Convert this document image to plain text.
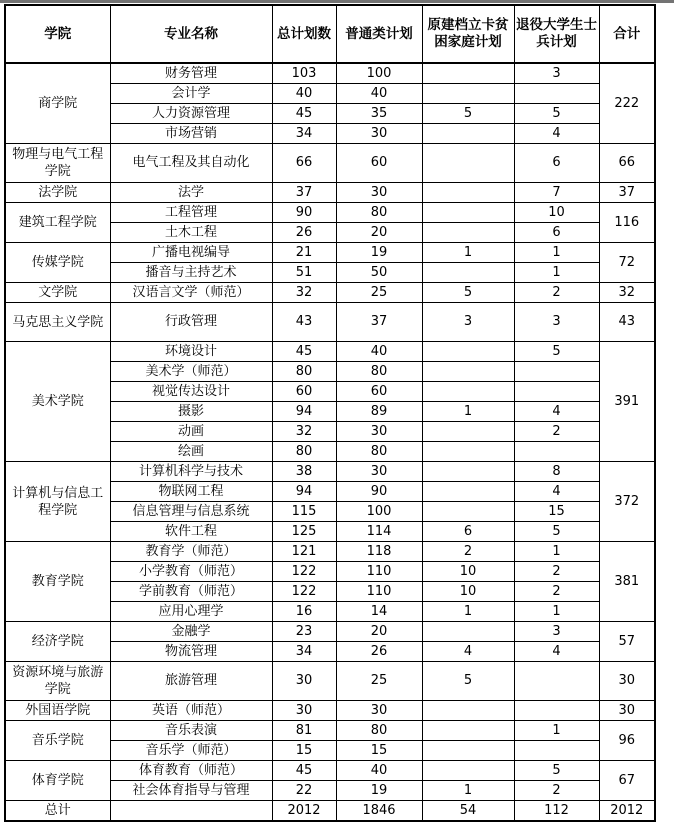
学院	专业名称	总计划数	普通类计划	原建档立卡贫困家庭计划	退役大学生士兵计划	合计
商学院	财务管理	103	100		3	222
	会计学	40	40			
	人力资源管理	45	35	5	5	
	市场营销	34	30		4	
物理与电气工程学院	电气工程及其自动化	66	60		6	66
法学院	法学	37	30		7	37
建筑工程学院	工程管理	90	80		10	116
	土木工程	26	20		6	
传媒学院	广播电视编导	21	19	1	1	72
	播音与主持艺术	51	50		1	
文学院	汉语言文学（师范）	32	25	5	2	32
马克思主义学院	行政管理	43	37	3	3	43
美术学院	环境设计	45	40		5	391
	美术学（师范）	80	80			
	视觉传达设计	60	60			
	摄影	94	89	1	4	
	动画	32	30		2	
	绘画	80	80			
计算机与信息工程学院	计算机科学与技术	38	30		8	372
	物联网工程	94	90		4	
	信息管理与信息系统	115	100		15	
	软件工程	125	114	6	5	
教育学院	教育学（师范）	121	118	2	1	381
	小学教育（师范）	122	110	10	2	
	学前教育（师范）	122	110	10	2	
	应用心理学	16	14	1	1	
经济学院	金融学	23	20		3	57
	物流管理	34	26	4	4	
资源环境与旅游学院	旅游管理	30	25	5		30
外国语学院	英语（师范）	30	30			30
音乐学院	音乐表演	81	80		1	96
	音乐学（师范）	15	15			
体育学院	体育教育（师范）	45	40		5	67
	社会体育指导与管理	22	19	1	2	
总计		2012	1846	54	112	2012
